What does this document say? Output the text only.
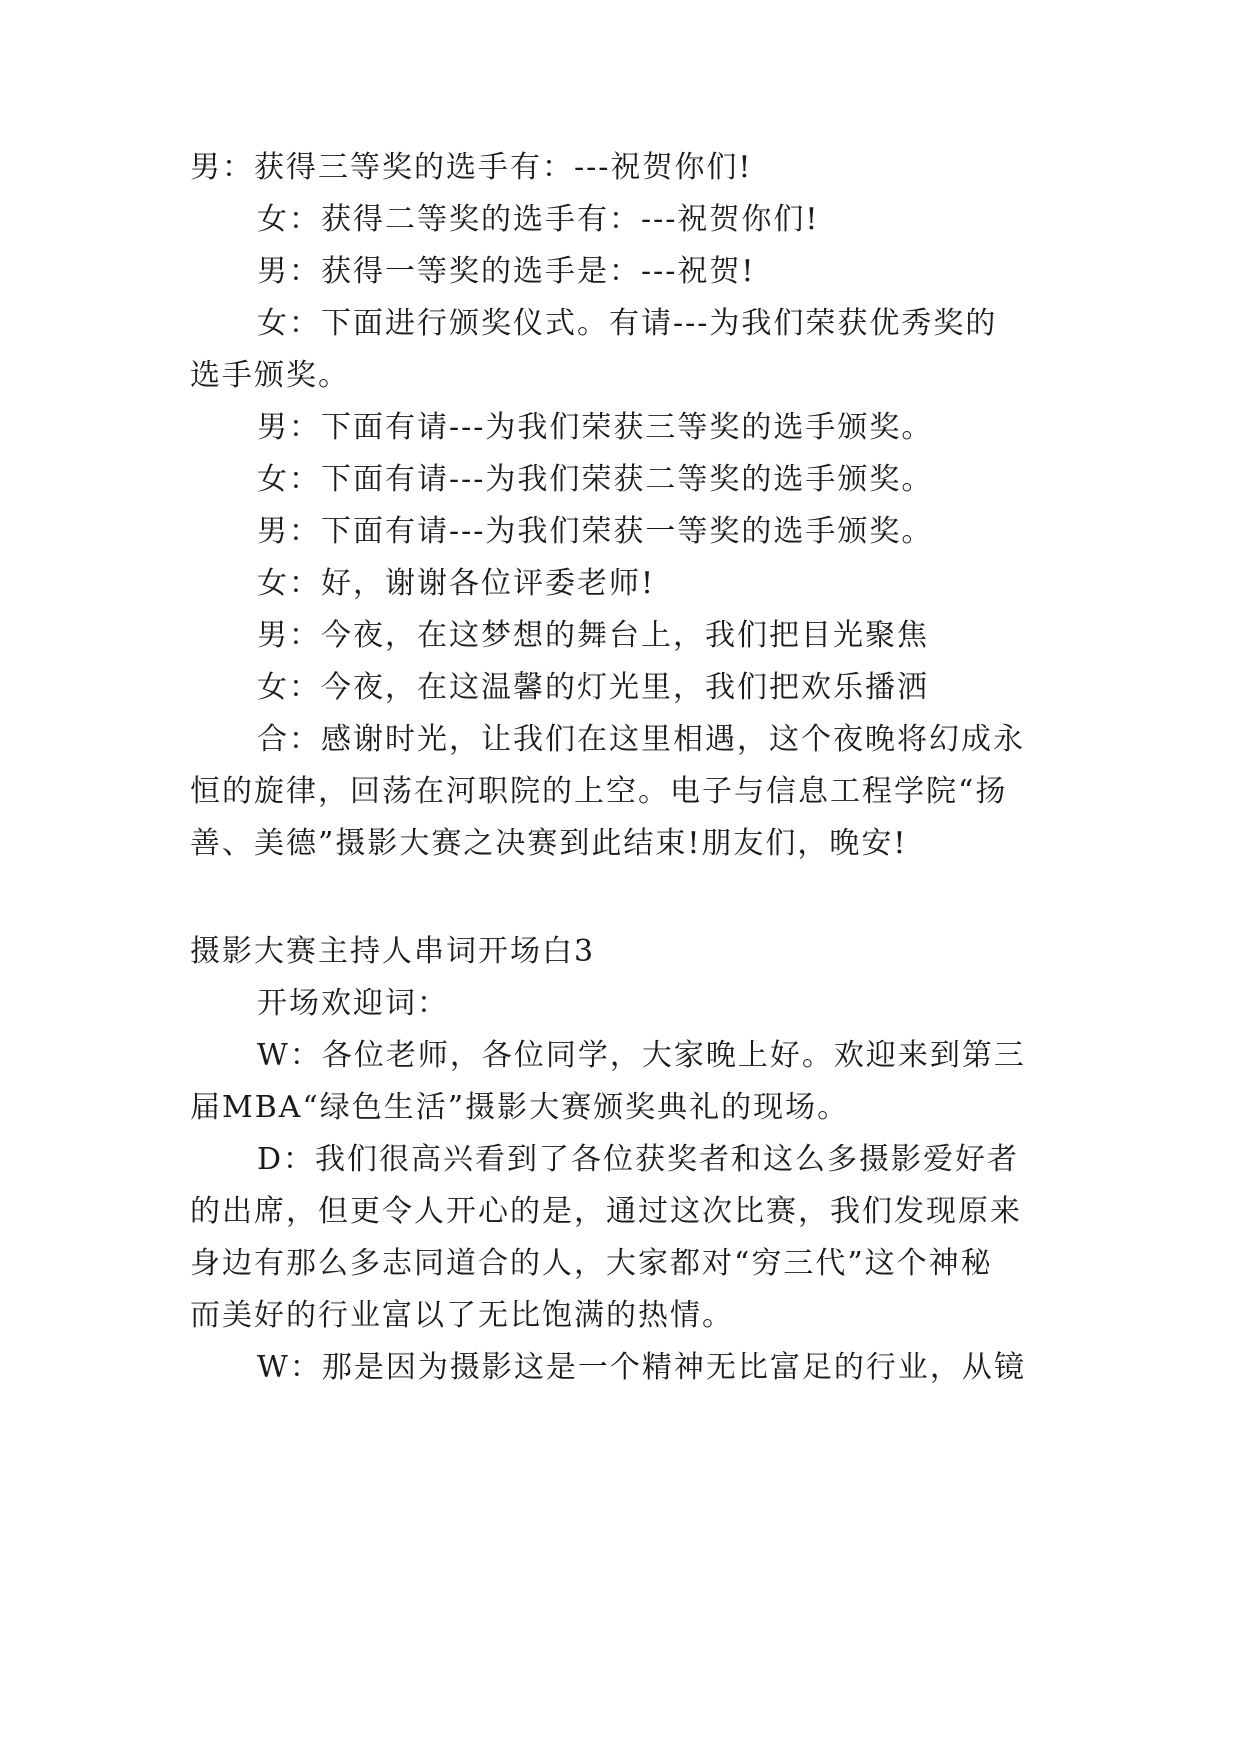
男：获得三等奖的选手有：---祝贺你们!
女：获得二等奖的选手有：---祝贺你们!
男：获得一等奖的选手是：---祝贺!
女：下面进行颁奖仪式。有请---为我们荣获优秀奖的
选手颁奖。
男：下面有请---为我们荣获三等奖的选手颁奖。
女：下面有请---为我们荣获二等奖的选手颁奖。
男：下面有请---为我们荣获一等奖的选手颁奖。
女：好，谢谢各位评委老师!
男：今夜，在这梦想的舞台上，我们把目光聚焦
女：今夜，在这温馨的灯光里，我们把欢乐播洒
合：感谢时光，让我们在这里相遇，这个夜晚将幻成永
恒的旋律，回荡在河职院的上空。电子与信息工程学院“扬
善、美德”摄影大赛之决赛到此结束!朋友们，晚安!
摄影大赛主持人串词开场白3
开场欢迎词：
W：各位老师，各位同学，大家晚上好。欢迎来到第三
届MBA“绿色生活”摄影大赛颁奖典礼的现场。
D：我们很高兴看到了各位获奖者和这么多摄影爱好者
的出席，但更令人开心的是，通过这次比赛，我们发现原来
身边有那么多志同道合的人，大家都对“穷三代”这个神秘
而美好的行业富以了无比饱满的热情。
W：那是因为摄影这是一个精神无比富足的行业，从镜
